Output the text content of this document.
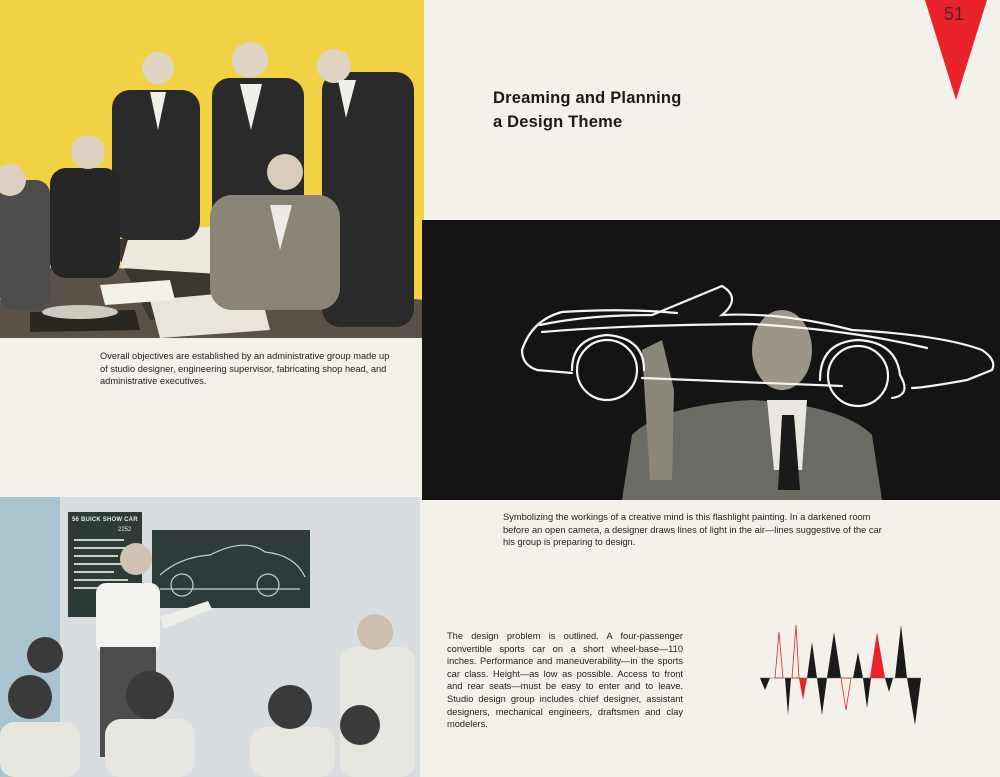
Overall objectives are established by an administrative group made up of studio designer, engineering supervisor, fabricating shop head, and administrative executives.
Dreaming and Planning
a Design Theme
51
Symbolizing the workings of a creative mind is this flashlight painting. In a darkened room before an open camera, a designer draws lines of light in the air—lines suggestive of the car his group is preparing to design.
56 BUICK SHOW CAR
2252
The design problem is outlined. A four-passenger convertible sports car on a short wheel-base—110 inches. Performance and maneuverability—in the sports car class. Height—as low as possible. Access to front and rear seats—must be easy to enter and to leave. Studio design group includes chief designer, assistant designers, mechanical engineers, draftsmen and clay modelers.
